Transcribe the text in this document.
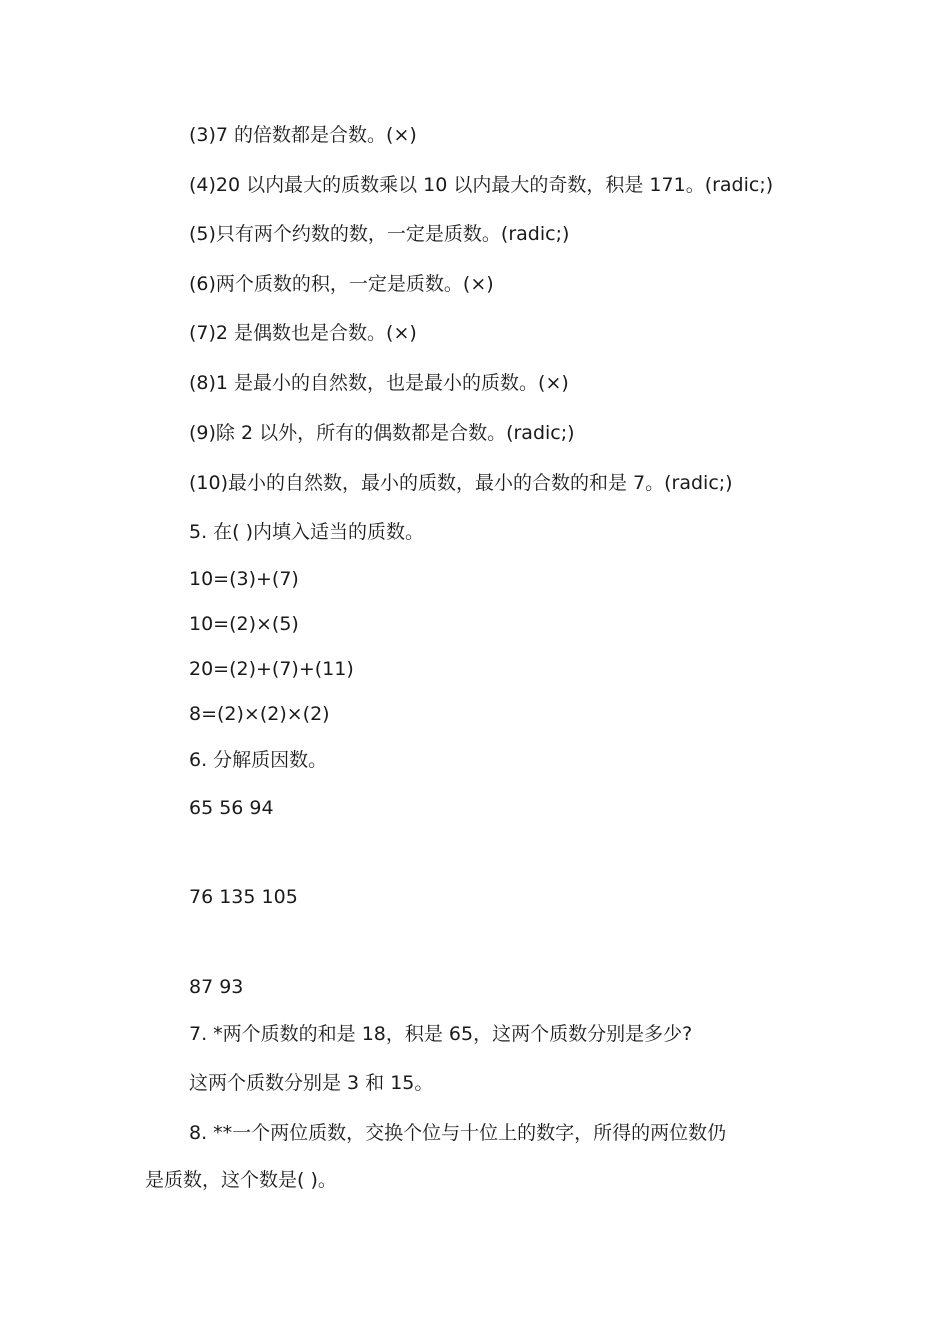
(3)7 的倍数都是合数。(×)
(4)20 以内最大的质数乘以 10 以内最大的奇数，积是 171。(radic;)
(5)只有两个约数的数，一定是质数。(radic;)
(6)两个质数的积，一定是质数。(×)
(7)2 是偶数也是合数。(×)
(8)1 是最小的自然数，也是最小的质数。(×)
(9)除 2 以外，所有的偶数都是合数。(radic;)
(10)最小的自然数，最小的质数，最小的合数的和是 7。(radic;)
5. 在( )内填入适当的质数。
10=(3)+(7)
10=(2)×(5)
20=(2)+(7)+(11)
8=(2)×(2)×(2)
6. 分解质因数。
65 56 94
76 135 105
87 93
7. *两个质数的和是 18，积是 65，这两个质数分别是多少?
这两个质数分别是 3 和 15。
8. **一个两位质数，交换个位与十位上的数字，所得的两位数仍
是质数，这个数是( )。
